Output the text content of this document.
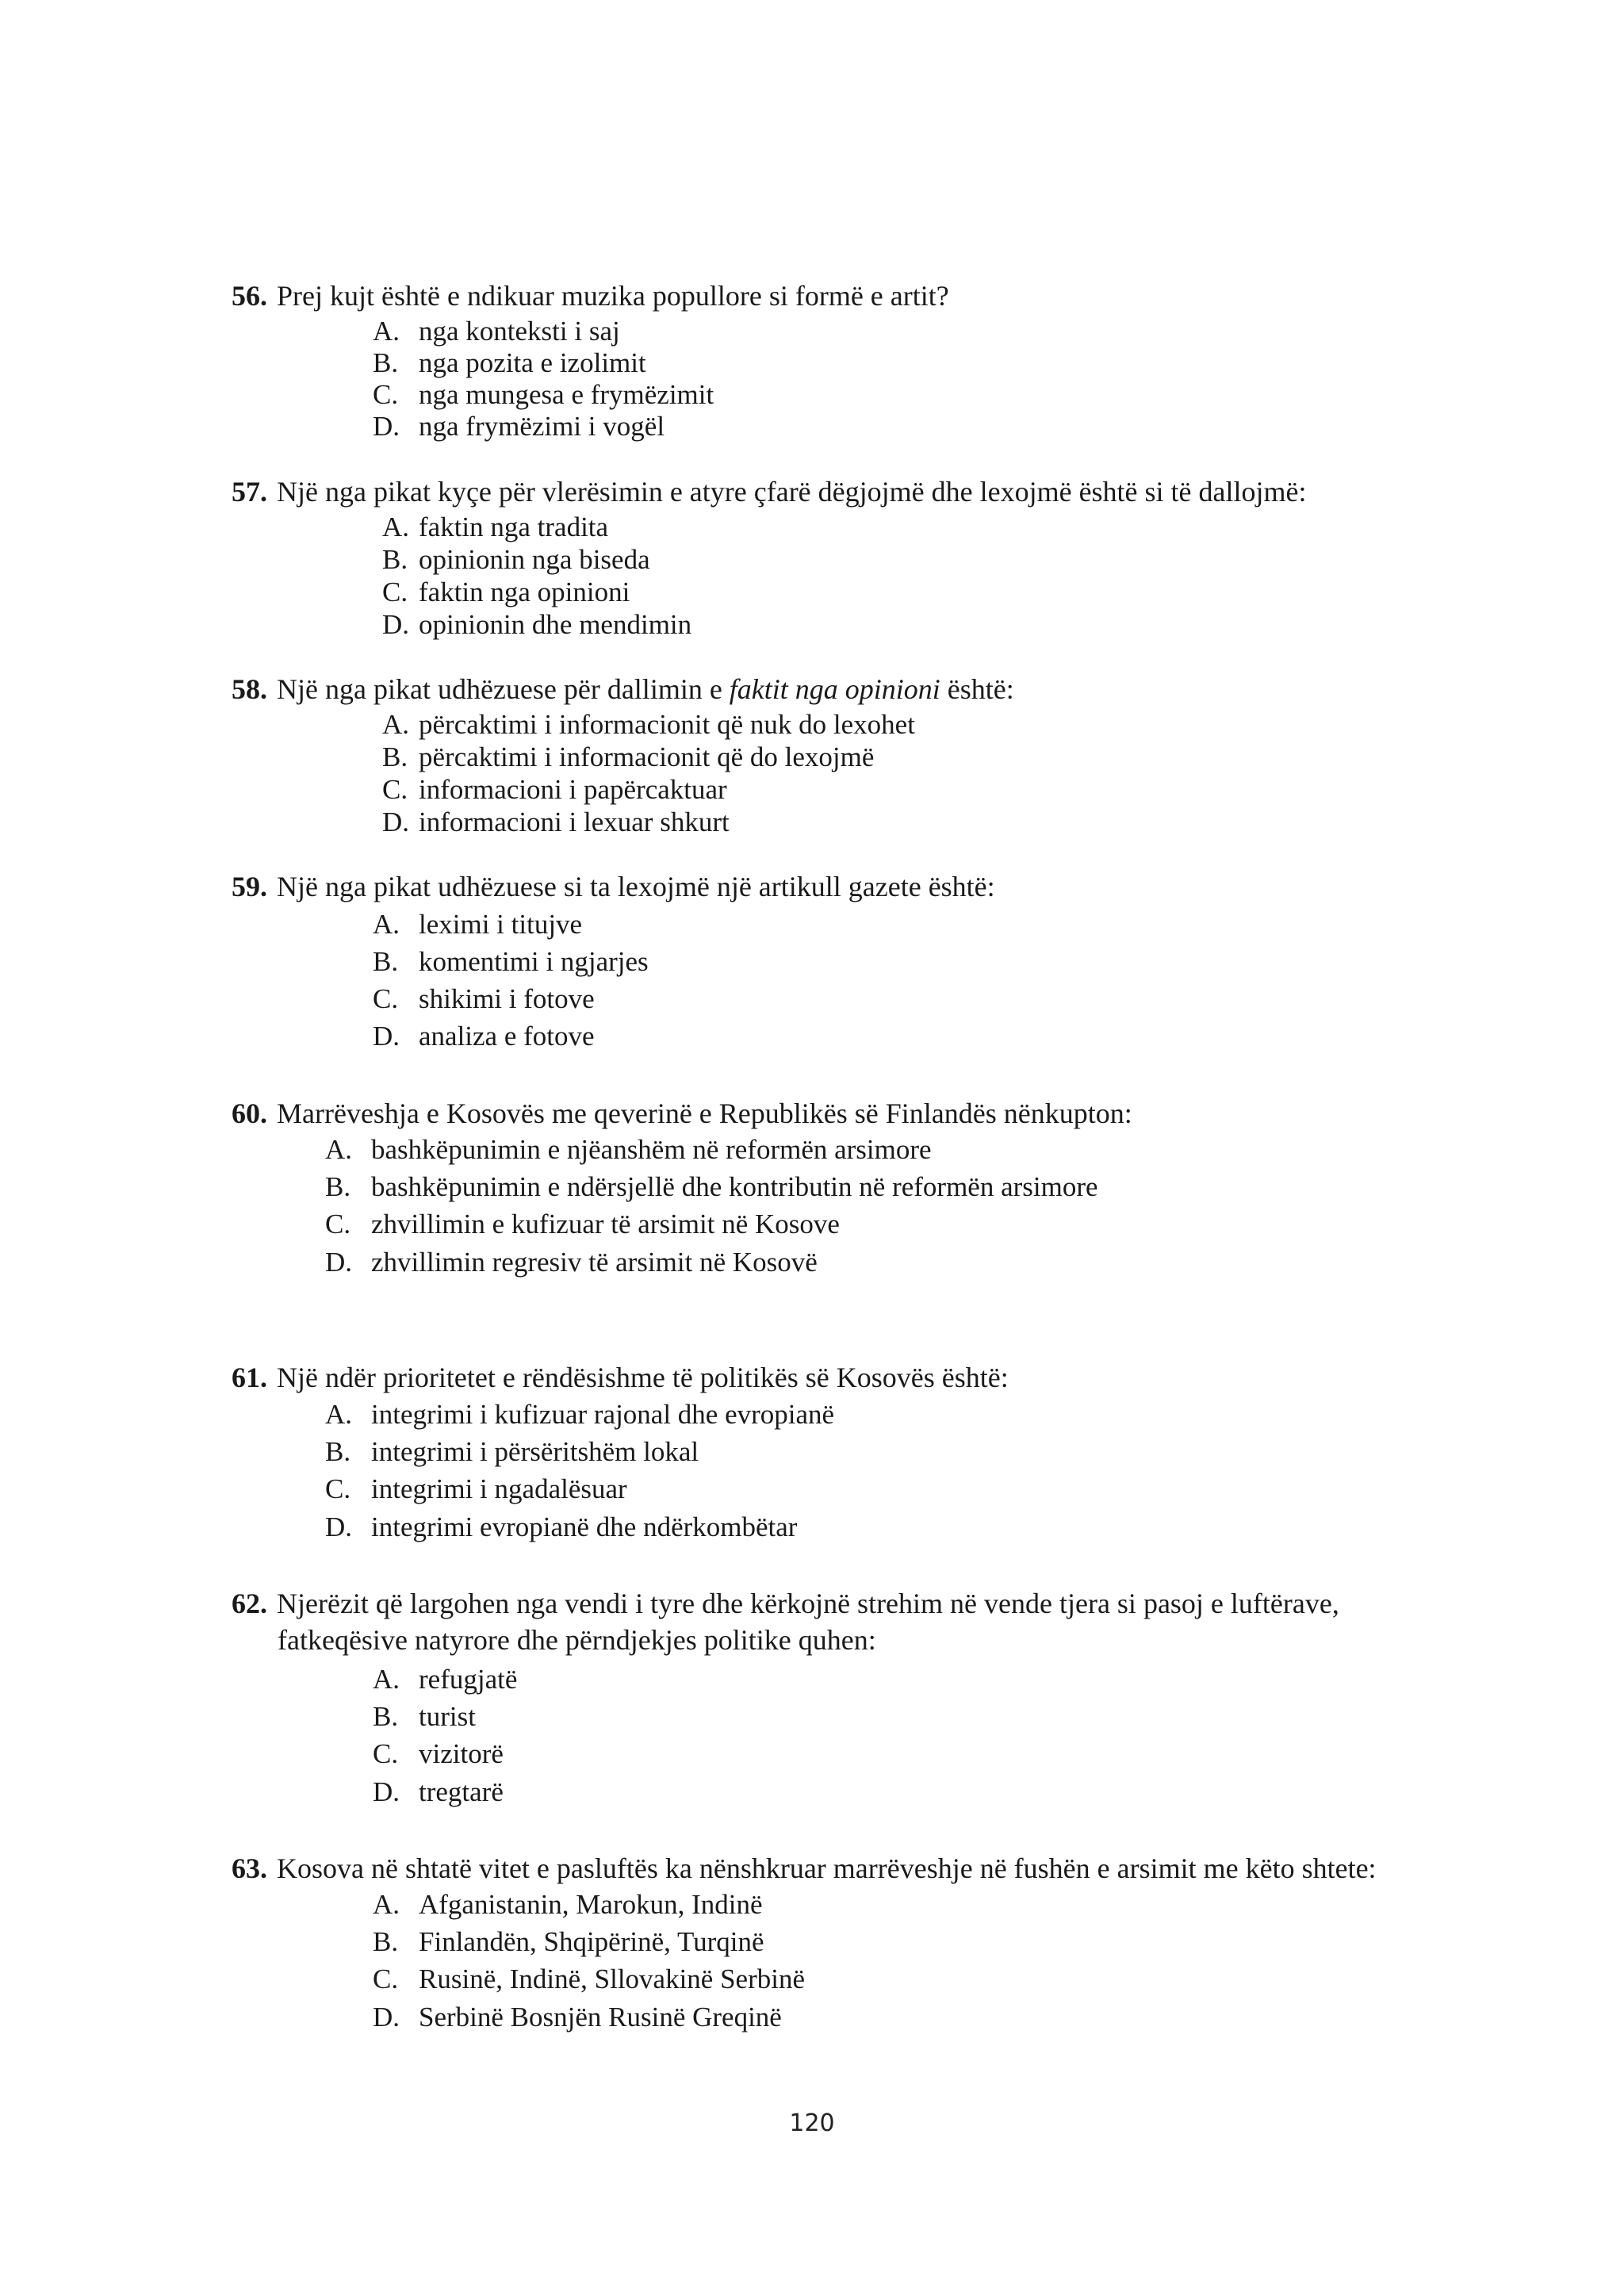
56. Prej kujt është e ndikuar muzika popullore si formë e artit?
A. nga konteksti i saj
B. nga pozita e izolimit
C. nga mungesa e frymëzimit
D. nga frymëzimi i vogël
57. Një nga pikat kyçe për vlerësimin e atyre çfarë dëgjojmë dhe lexojmë është si të dallojmë:
A. faktin nga tradita
B. opinionin nga biseda
C. faktin nga opinioni
D. opinionin dhe mendimin
58. Një nga pikat udhëzuese për dallimin e faktit nga opinioni është:
A. përcaktimi i informacionit që nuk do lexohet
B. përcaktimi i informacionit që do lexojmë
C. informacioni i papërcaktuar
D. informacioni i lexuar shkurt
59. Një nga pikat udhëzuese si ta lexojmë një artikull gazete është:
A. leximi i titujve
B. komentimi i ngjarjes
C. shikimi i fotove
D. analiza e fotove
60. Marrëveshja e Kosovës me qeverinë e Republikës së Finlandës nënkupton:
A. bashkëpunimin e njëanshëm në reformën arsimore
B. bashkëpunimin e ndërsjellë dhe kontributin në reformën arsimore
C. zhvillimin e kufizuar të arsimit në Kosove
D. zhvillimin regresiv të arsimit në Kosovë
61. Një ndër prioritetet e rëndësishme të politikës së Kosovës është:
A. integrimi i kufizuar rajonal dhe evropianë
B. integrimi i përsëritshëm lokal
C. integrimi i ngadalësuar
D. integrimi evropianë dhe ndërkombëtar
62. Njerëzit që largohen nga vendi i tyre dhe kërkojnë strehim në vende tjera si pasoj e luftërave,
fatkeqësive natyrore dhe përndjekjes politike quhen:
A. refugjatë
B. turist
C. vizitorë
D. tregtarë
63. Kosova në shtatë vitet e pasluftës ka nënshkruar marrëveshje në fushën e arsimit me këto shtete:
A. Afganistanin, Marokun, Indinë
B. Finlandën, Shqipërinë, Turqinë
C. Rusinë, Indinë, Sllovakinë Serbinë
D. Serbinë Bosnjën Rusinë Greqinë
120
